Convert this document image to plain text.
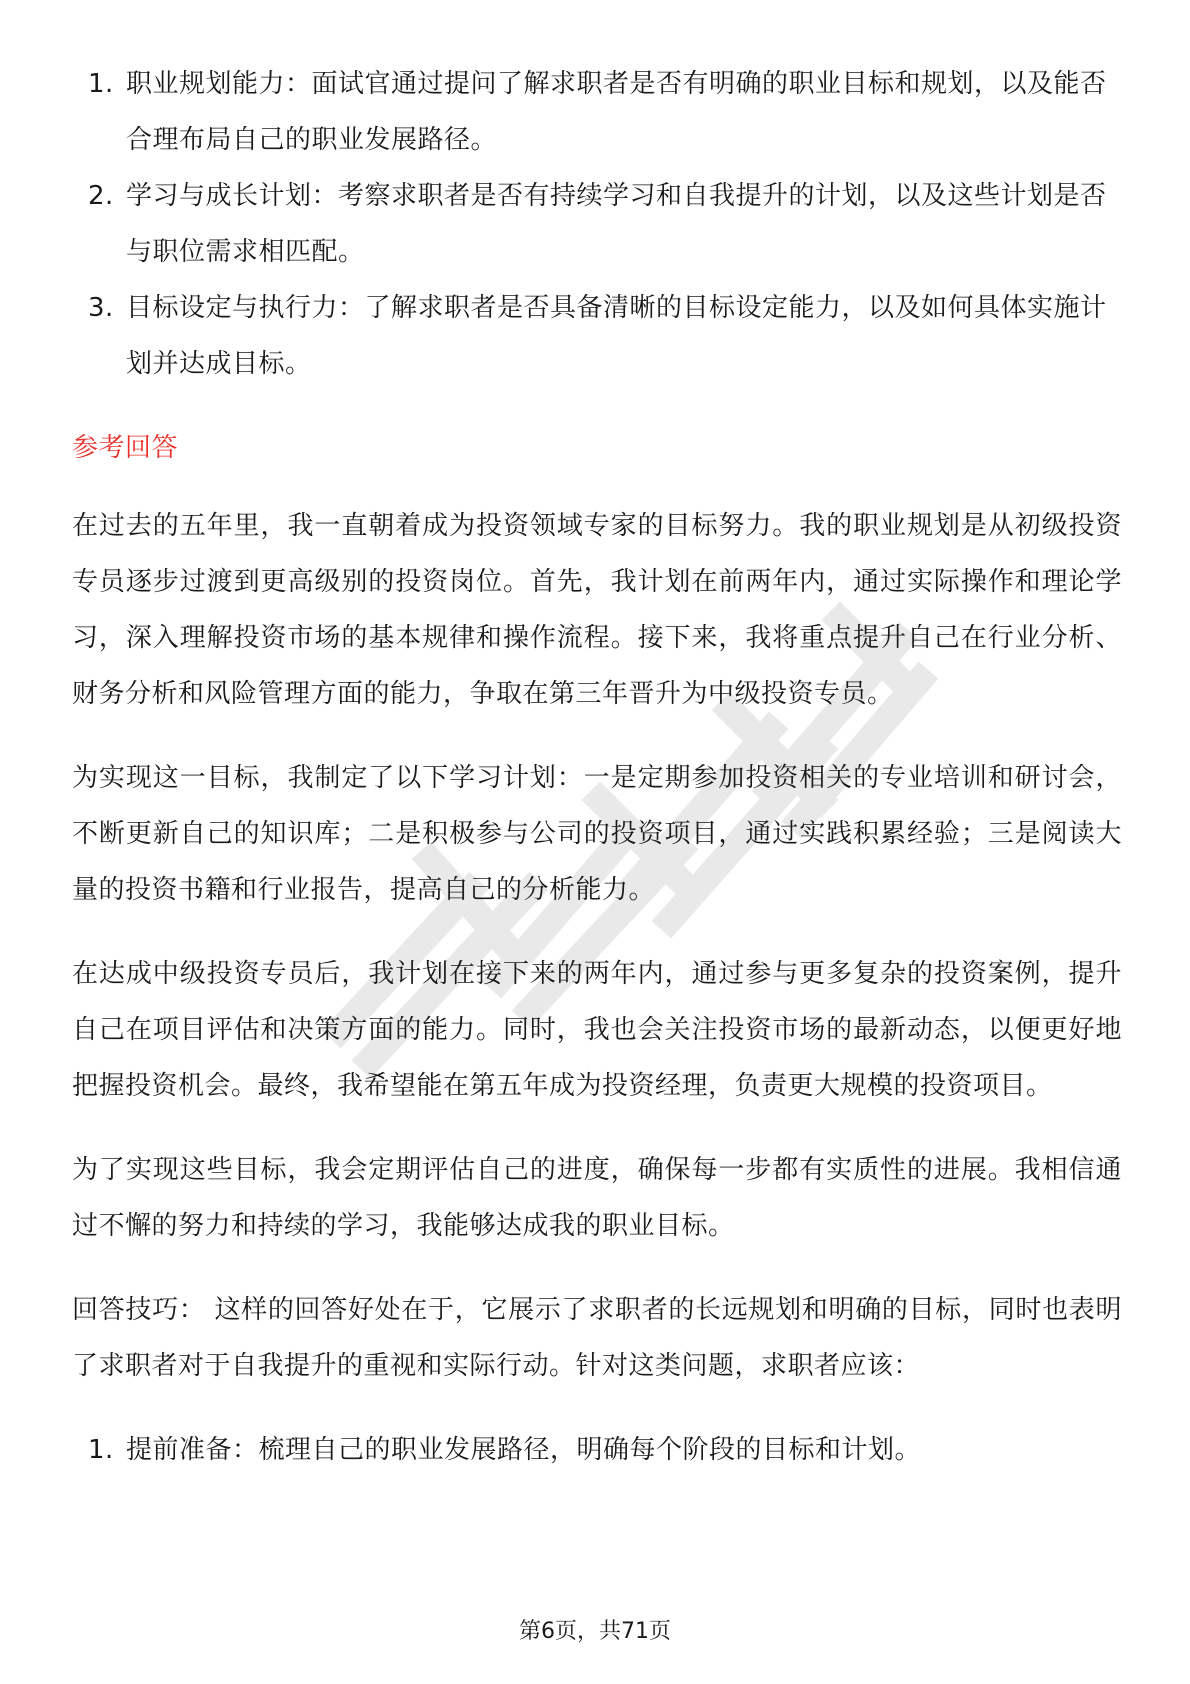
1. 职业规划能力：面试官通过提问了解求职者是否有明确的职业目标和规划，以及能否合理布局自己的职业发展路径。
2. 学习与成长计划：考察求职者是否有持续学习和自我提升的计划，以及这些计划是否与职位需求相匹配。
3. 目标设定与执行力：了解求职者是否具备清晰的目标设定能力，以及如何具体实施计划并达成目标。
参考回答

在过去的五年里，我一直朝着成为投资领域专家的目标努力。我的职业规划是从初级投资专员逐步过渡到更高级别的投资岗位。首先，我计划在前两年内，通过实际操作和理论学习，深入理解投资市场的基本规律和操作流程。接下来，我将重点提升自己在行业分析、财务分析和风险管理方面的能力，争取在第三年晋升为中级投资专员。

为实现这一目标，我制定了以下学习计划：一是定期参加投资相关的专业培训和研讨会，不断更新自己的知识库；二是积极参与公司的投资项目，通过实践积累经验；三是阅读大量的投资书籍和行业报告，提高自己的分析能力。

在达成中级投资专员后，我计划在接下来的两年内，通过参与更多复杂的投资案例，提升自己在项目评估和决策方面的能力。同时，我也会关注投资市场的最新动态，以便更好地把握投资机会。最终，我希望能在第五年成为投资经理，负责更大规模的投资项目。

为了实现这些目标，我会定期评估自己的进度，确保每一步都有实质性的进展。我相信通过不懈的努力和持续的学习，我能够达成我的职业目标。

回答技巧： 这样的回答好处在于，它展示了求职者的长远规划和明确的目标，同时也表明了求职者对于自我提升的重视和实际行动。针对这类问题，求职者应该：

1. 提前准备：梳理自己的职业发展路径，明确每个阶段的目标和计划。
第6页，共71页
